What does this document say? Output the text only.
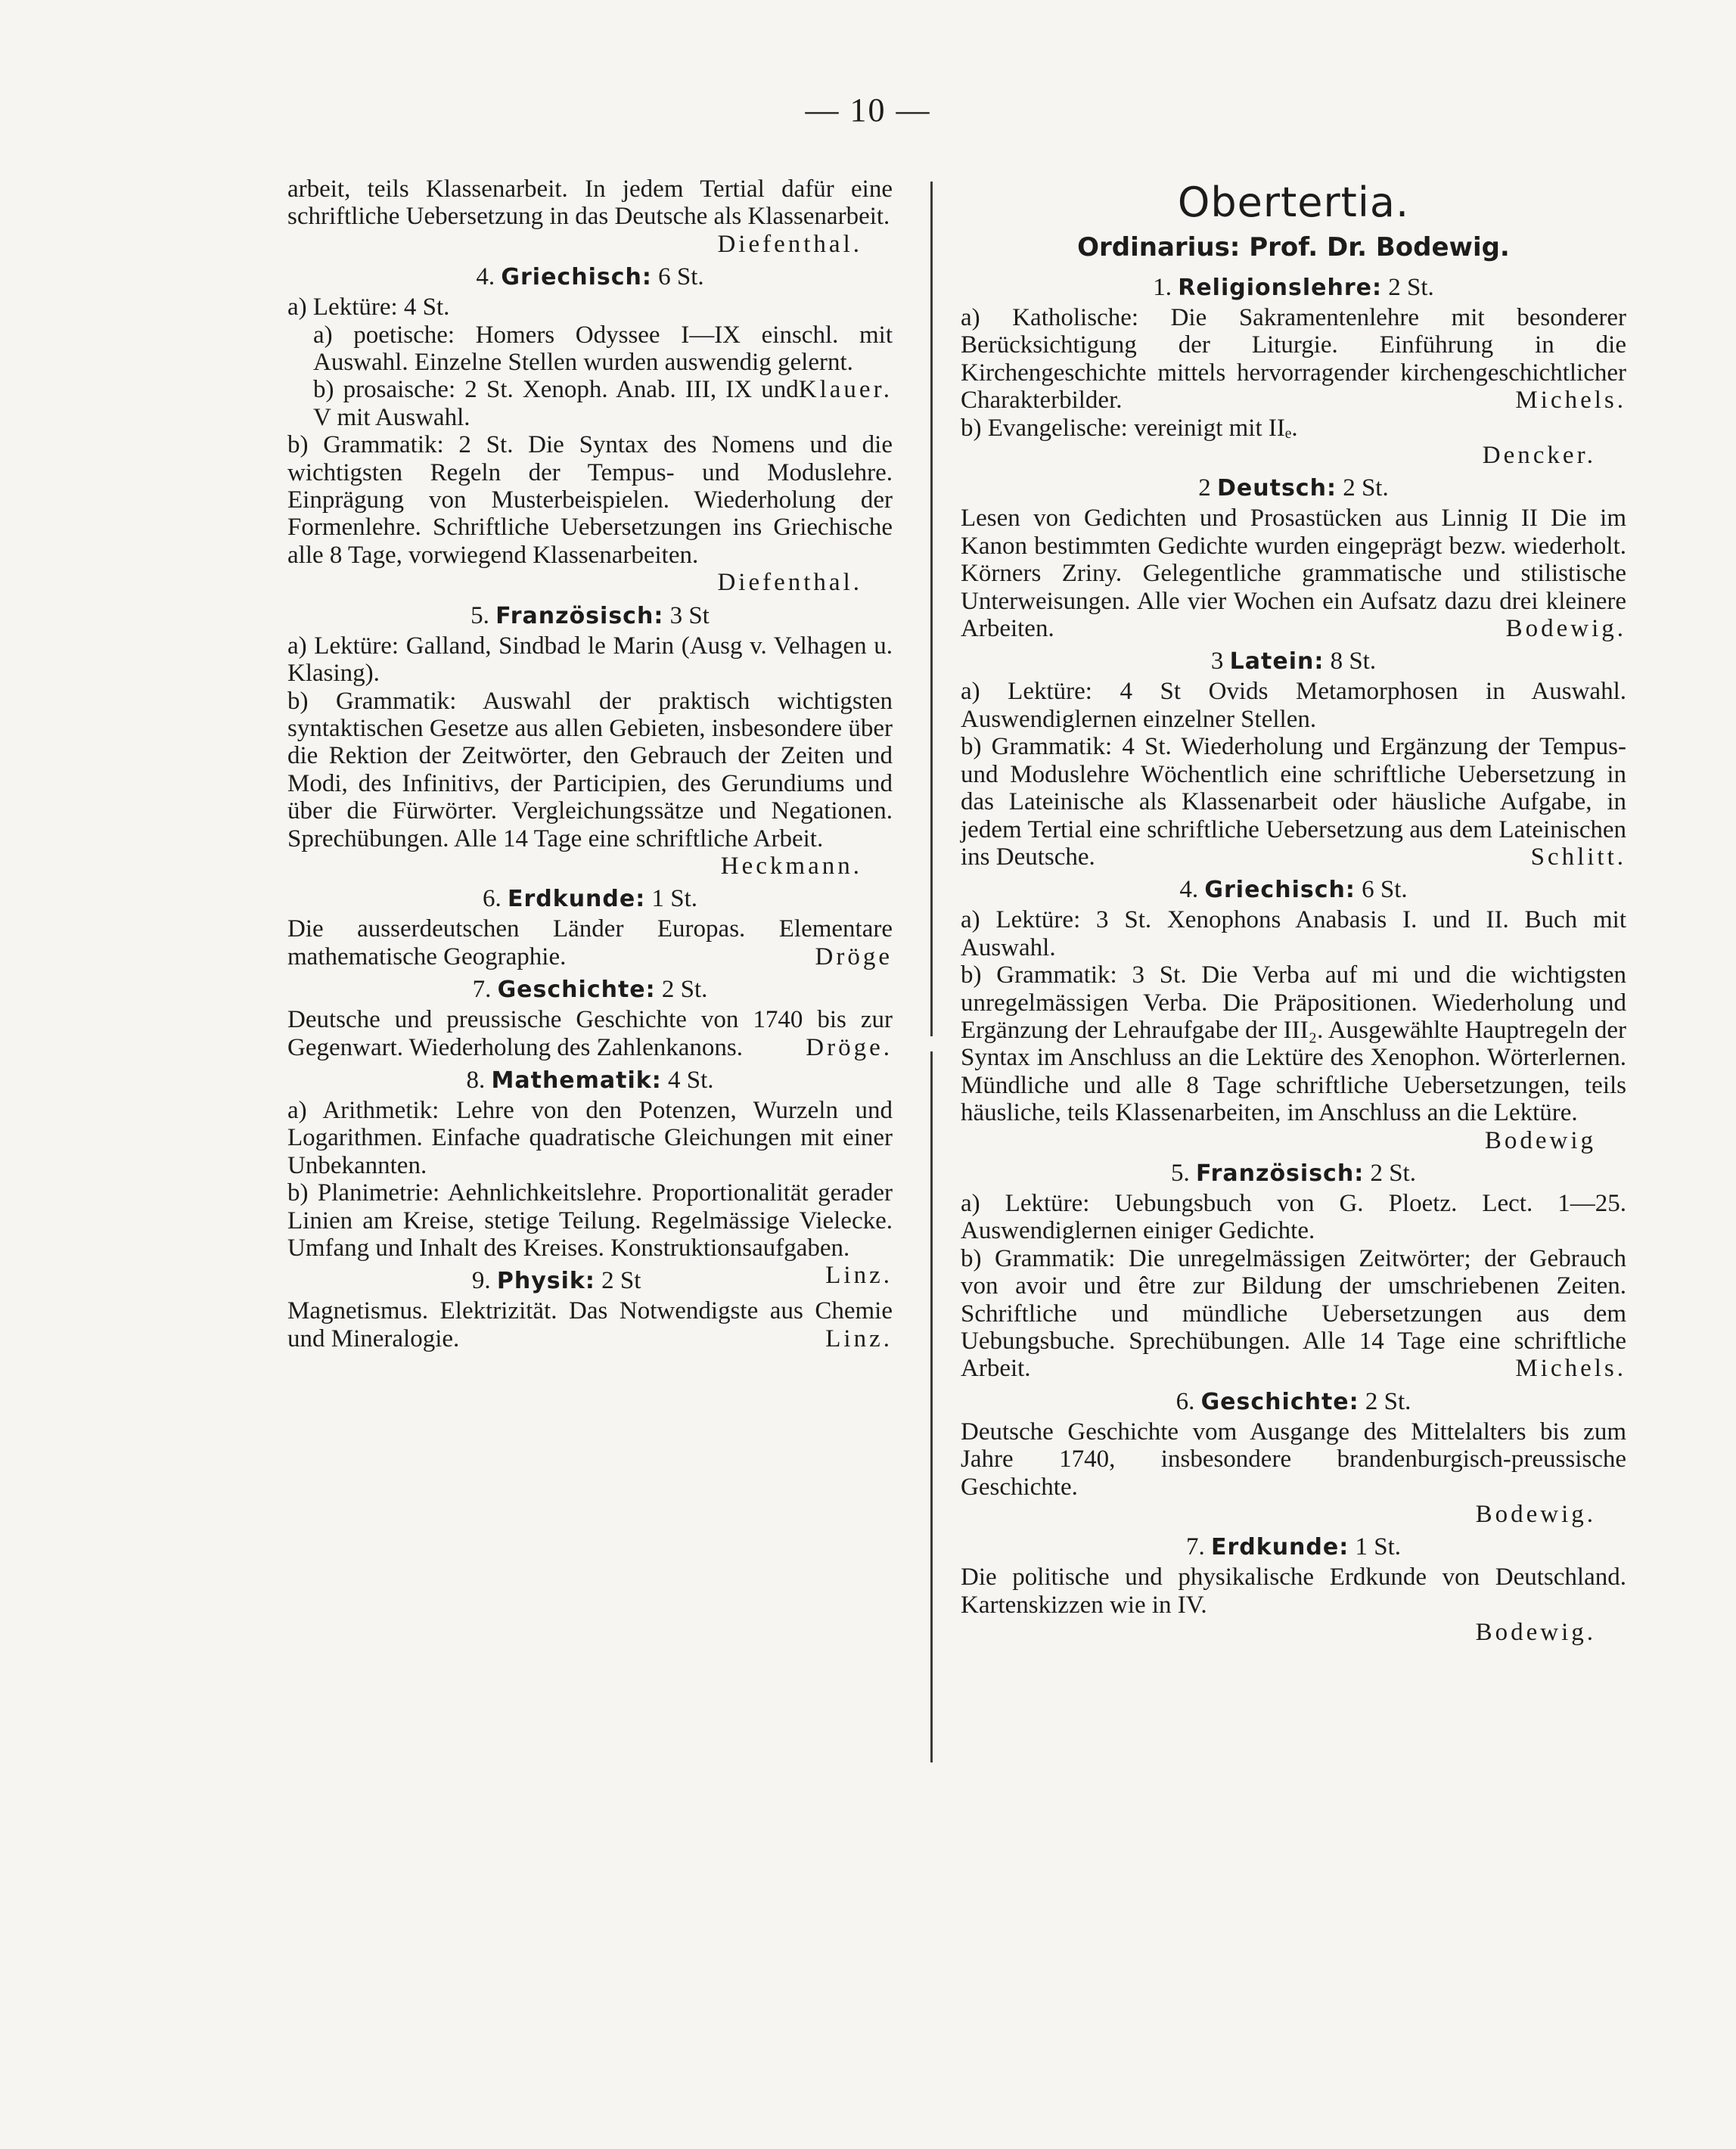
— 10 —
arbeit, teils Klassenarbeit. In jedem Tertial dafür eine schriftliche Uebersetzung in das Deutsche als Klassenarbeit.
Diefenthal.
4. Griechisch: 6 St.
a) Lektüre: 4 St.
a) poetische: Homers Odyssee I—IX einschl. mit Auswahl. Einzelne Stellen wurden auswendig gelernt.
Klauer.
b) prosaische: 2 St. Xenoph. Anab. III, IX und V mit Auswahl.
b) Grammatik: 2 St. Die Syntax des Nomens und die wichtigsten Regeln der Tempus- und Moduslehre. Einprägung von Musterbeispielen. Wiederholung der Formenlehre. Schriftliche Uebersetzungen ins Griechische alle 8 Tage, vorwiegend Klassenarbeiten.
Diefenthal.
5. Französisch: 3 St
a) Lektüre: Galland, Sindbad le Marin (Ausg v. Velhagen u. Klasing).
b) Grammatik: Auswahl der praktisch wichtigsten syntaktischen Gesetze aus allen Gebieten, insbesondere über die Rektion der Zeitwörter, den Gebrauch der Zeiten und Modi, des Infinitivs, der Participien, des Gerundiums und über die Fürwörter. Vergleichungssätze und Negationen. Sprechübungen. Alle 14 Tage eine schriftliche Arbeit.
Heckmann.
6. Erdkunde: 1 St.
Die ausserdeutschen Länder Europas. Elementare mathematische Geographie.	Dröge
7. Geschichte: 2 St.
Deutsche und preussische Geschichte von 1740 bis zur Gegenwart. Wiederholung des Zahlenkanons.	Dröge.
8. Mathematik: 4 St.
a) Arithmetik: Lehre von den Potenzen, Wurzeln und Logarithmen. Einfache quadratische Gleichungen mit einer Unbekannten.
b) Planimetrie: Aehnlichkeitslehre. Proportionalität gerader Linien am Kreise, stetige Teilung. Regelmässige Vielecke. Umfang und Inhalt des Kreises. Konstruktionsaufgaben.
Linz.
9. Physik: 2 St
Magnetismus. Elektrizität. Das Notwendigste aus Chemie und Mineralogie.	Linz.
Obertertia.
Ordinarius: Prof. Dr. Bodewig.
1. Religionslehre: 2 St.
a) Katholische: Die Sakramentenlehre mit besonderer Berücksichtigung der Liturgie. Einführung in die Kirchengeschichte mittels hervorragender kirchengeschichtlicher Charakterbilder.	Michels.
b) Evangelische: vereinigt mit IIₑ.
Dencker.
2 Deutsch: 2 St.
Lesen von Gedichten und Prosastücken aus Linnig II Die im Kanon bestimmten Gedichte wurden eingeprägt bezw. wiederholt. Körners Zriny. Gelegentliche grammatische und stilistische Unterweisungen. Alle vier Wochen ein Aufsatz dazu drei kleinere Arbeiten.	Bodewig.
3 Latein: 8 St.
a) Lektüre: 4 St Ovids Metamorphosen in Auswahl. Auswendiglernen einzelner Stellen.
b) Grammatik: 4 St. Wiederholung und Ergänzung der Tempus- und Moduslehre Wöchentlich eine schriftliche Uebersetzung in das Lateinische als Klassenarbeit oder häusliche Aufgabe, in jedem Tertial eine schriftliche Uebersetzung aus dem Lateinischen ins Deutsche.	Schlitt.
4. Griechisch: 6 St.
a) Lektüre: 3 St. Xenophons Anabasis I. und II. Buch mit Auswahl.
b) Grammatik: 3 St. Die Verba auf mi und die wichtigsten unregelmässigen Verba. Die Präpositionen. Wiederholung und Ergänzung der Lehraufgabe der III₂. Ausgewählte Hauptregeln der Syntax im Anschluss an die Lektüre des Xenophon. Wörterlernen. Mündliche und alle 8 Tage schriftliche Uebersetzungen, teils häusliche, teils Klassenarbeiten, im Anschluss an die Lektüre.
Bodewig
5. Französisch: 2 St.
a) Lektüre: Uebungsbuch von G. Ploetz. Lect. 1—25. Auswendiglernen einiger Gedichte.
b) Grammatik: Die unregelmässigen Zeitwörter; der Gebrauch von avoir und être zur Bildung der umschriebenen Zeiten. Schriftliche und mündliche Uebersetzungen aus dem Uebungsbuche. Sprechübungen. Alle 14 Tage eine schriftliche Arbeit.	Michels.
6. Geschichte: 2 St.
Deutsche Geschichte vom Ausgange des Mittelalters bis zum Jahre 1740, insbesondere brandenburgisch-preussische Geschichte.
Bodewig.
7. Erdkunde: 1 St.
Die politische und physikalische Erdkunde von Deutschland. Kartenskizzen wie in IV.
Bodewig.
